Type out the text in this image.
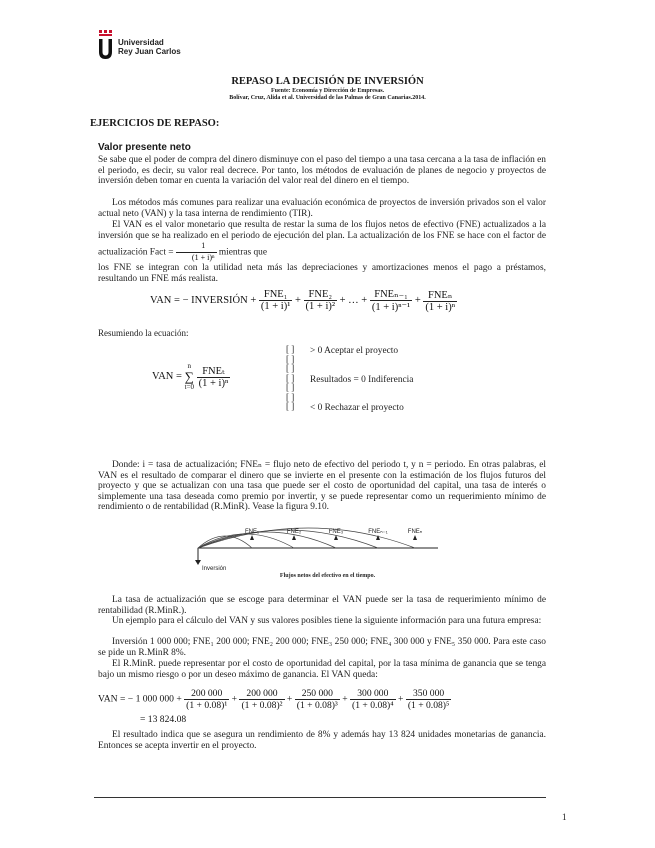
Universidad
Rey Juan Carlos
REPASO LA DECISIÓN DE INVERSIÓN
Fuente: Economía y Dirección de Empresas.
Bolívar, Cruz, Alida et al. Universidad de las Palmas de Gran Canarias.2014.
EJERCICIOS DE REPASO:
Valor presente neto
Se sabe que el poder de compra del dinero disminuye con el paso del tiempo a una tasa cercana a la tasa de inflación en el periodo, es decir, su valor real decrece. Por tanto, los métodos de evaluación de planes de negocio y proyectos de inversión deben tomar en cuenta la variación del valor real del dinero en el tiempo.
Los métodos más comunes para realizar una evaluación económica de proyectos de inversión privados son el valor actual neto (VAN) y la tasa interna de rendimiento (TIR).
El VAN es el valor monetario que resulta de restar la suma de los flujos netos de efectivo (FNE) actualizados a la inversión que se ha realizado en el periodo de ejecución del plan. La actualización de los FNE se hace con el factor de actualización Fact = $\frac{1}{\text{(1 + i)ⁿ}}$ mientras que
los FNE se integran con la utilidad neta más las depreciaciones y amortizaciones menos el pago a préstamos, resultando un FNE más realista.
VAN = − INVERSIÓN + $\frac{\text{FNE₁}}{\text{(1 + i)¹}} + \frac{\text{FNE₂}}{\text{(1 + i)²}}$ + … + $\frac{\text{FNEₙ₋₁}}{\text{(1 + i)ⁿ⁻¹}} + \frac{\text{FNEₙ}}{\text{(1 + i)ⁿ}}$
Resumiendo la ecuación:
VAN =
n
∑
t=0
$\frac{\text{FNEₜ}}{\text{(1 + i)ⁿ}}$
[ ]
[ ]
[ ]
[ ]
[ ]
[ ]
[ ]
> 0 Aceptar el proyecto
Resultados = 0 Indiferencia
< 0 Rechazar el proyecto
Donde: i = tasa de actualización; FNEₙ = flujo neto de efectivo del periodo t, y n = periodo. En otras palabras, el VAN es el resultado de comparar el dinero que se invierte en el presente con la estimación de los flujos futuros del proyecto y que se actualizan con una tasa que puede ser el costo de oportunidad del capital, una tasa de interés o simplemente una tasa deseada como premio por invertir, y se puede representar como un requerimiento mínimo de rendimiento o de rentabilidad (R.MinR). Vease la figura 9.10.
FNE₁	FNE₂	FNE₃	FNEₙ₋₁	FNEₙ
Inversión
Flujos netos del efectivo en el tiempo.
La tasa de actualización que se escoge para determinar el VAN puede ser la tasa de requerimiento mínimo de rentabilidad (R.MinR.).
Un ejemplo para el cálculo del VAN y sus valores posibles tiene la siguiente información para una futura empresa:
Inversión 1 000 000; FNE₁ 200 000; FNE₂ 200 000; FNE₃ 250 000; FNE₄ 300 000 y FNE₅ 350 000. Para este caso se pide un R.MinR 8%.
El R.MinR. puede representar por el costo de oportunidad del capital, por la tasa mínima de ganancia que se tenga bajo un mismo riesgo o por un deseo máximo de ganancia. El VAN queda:
VAN = − 1 000 $000 + \frac{200 000}{\text{(1 + 0.08)¹}} + \frac{200 000}{\text{(1 + 0.08)²}} + \frac{250 000}{\text{(1 + 0.08)³}} + \frac{300 000}{\text{(1 + 0.08)⁴}} + \frac{350 000}{\text{(1 + 0.08)⁵}}$
= 13 824.08
El resultado indica que se asegura un rendimiento de 8% y además hay 13 824 unidades monetarias de ganancia. Entonces se acepta invertir en el proyecto.
1
